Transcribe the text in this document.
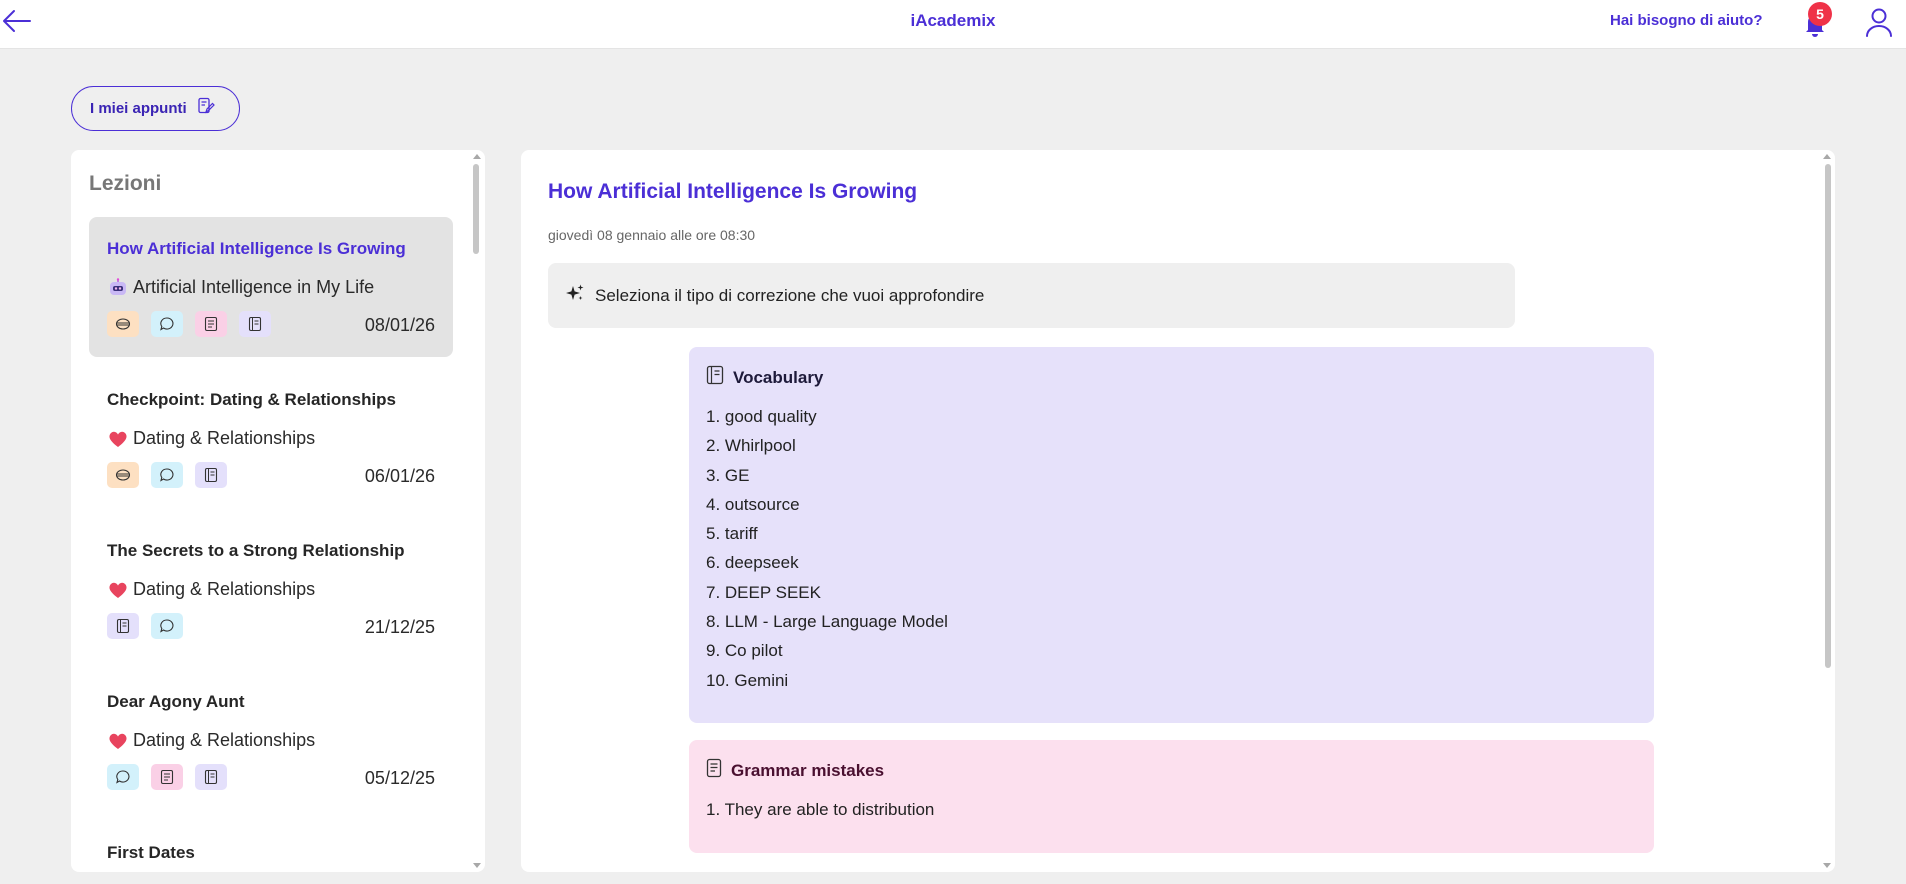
iAcademix	Hai bisogno di aiuto?	5
I miei appunti
Lezioni
How Artificial Intelligence Is Growing
Artificial Intelligence in My Life
08/01/26
Checkpoint: Dating & Relationships
Dating & Relationships
06/01/26
The Secrets to a Strong Relationship
Dating & Relationships
21/12/25
Dear Agony Aunt
Dating & Relationships
05/12/25
First Dates
How Artificial Intelligence Is Growing
giovedì 08 gennaio alle ore 08:30
Seleziona il tipo di correzione che vuoi approfondire
Vocabulary
1. good quality
2. Whirlpool
3. GE
4. outsource
5. tariff
6. deepseek
7. DEEP SEEK
8. LLM - Large Language Model
9. Co pilot
10. Gemini
Grammar mistakes
1. They are able to distribution
